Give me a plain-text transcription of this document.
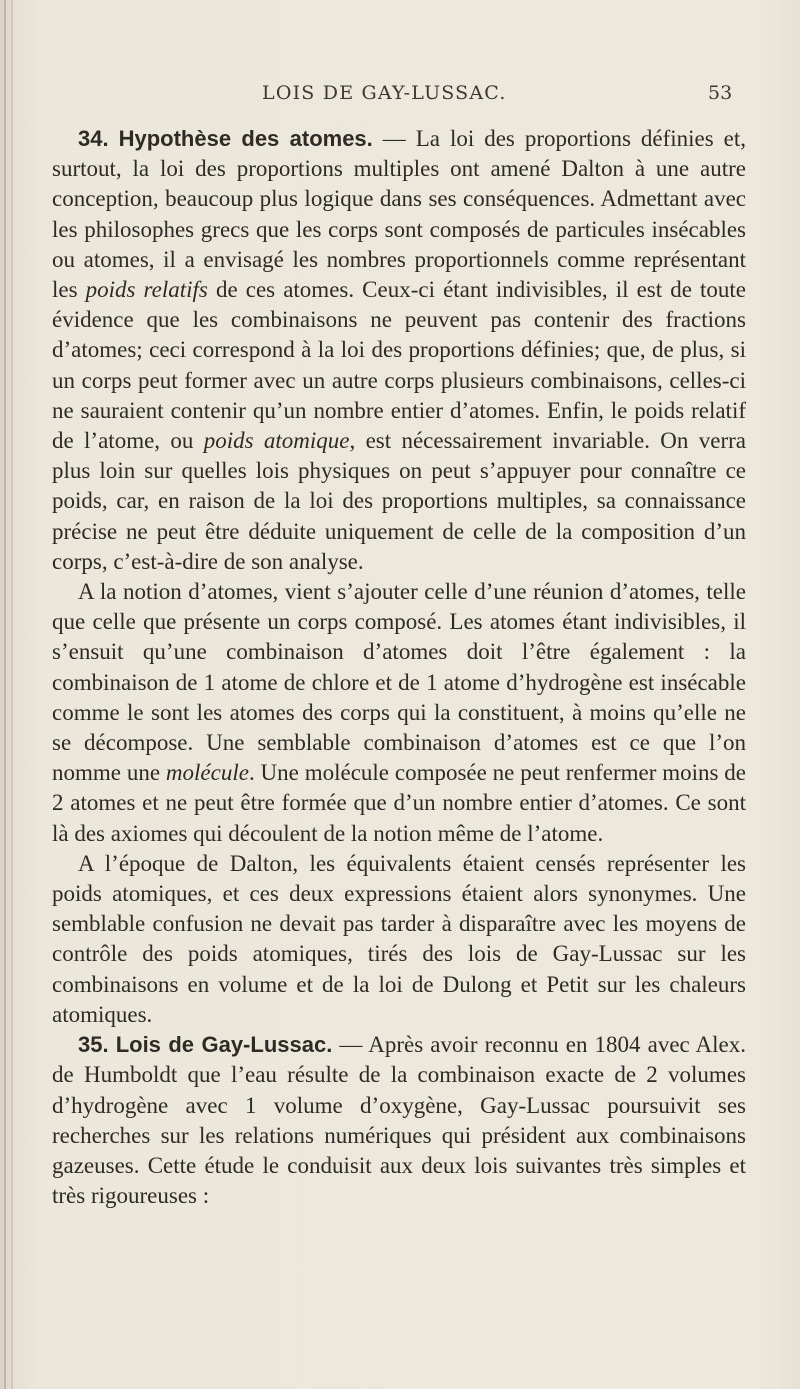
LOIS DE GAY-LUSSAC.	53

34. Hypothèse des atomes. — La loi des proportions définies et, surtout, la loi des proportions multiples ont amené Dalton à une autre conception, beaucoup plus logique dans ses conséquences. Admettant avec les philosophes grecs que les corps sont composés de particules insécables ou atomes, il a envisagé les nombres proportionnels comme représentant les poids relatifs de ces atomes. Ceux-ci étant indivisibles, il est de toute évidence que les combinaisons ne peuvent pas contenir des fractions d’atomes; ceci correspond à la loi des proportions définies; que, de plus, si un corps peut former avec un autre corps plusieurs combinaisons, celles-ci ne sauraient contenir qu’un nombre entier d’atomes. Enfin, le poids relatif de l’atome, ou poids atomique, est nécessairement invariable. On verra plus loin sur quelles lois physiques on peut s’appuyer pour connaître ce poids, car, en raison de la loi des proportions multiples, sa connaissance précise ne peut être déduite uniquement de celle de la composition d’un corps, c’est-à-dire de son analyse.

A la notion d’atomes, vient s’ajouter celle d’une réunion d’atomes, telle que celle que présente un corps composé. Les atomes étant indivisibles, il s’ensuit qu’une combinaison d’atomes doit l’être également : la combinaison de 1 atome de chlore et de 1 atome d’hydrogène est insécable comme le sont les atomes des corps qui la constituent, à moins qu’elle ne se décompose. Une semblable combinaison d’atomes est ce que l’on nomme une molécule. Une molécule composée ne peut renfermer moins de 2 atomes et ne peut être formée que d’un nombre entier d’atomes. Ce sont là des axiomes qui découlent de la notion même de l’atome.

A l’époque de Dalton, les équivalents étaient censés représenter les poids atomiques, et ces deux expressions étaient alors synonymes. Une semblable confusion ne devait pas tarder à disparaître avec les moyens de contrôle des poids atomiques, tirés des lois de Gay-Lussac sur les combinaisons en volume et de la loi de Dulong et Petit sur les chaleurs atomiques.

35. Lois de Gay-Lussac. — Après avoir reconnu en 1804 avec Alex. de Humboldt que l’eau résulte de la combinaison exacte de 2 volumes d’hydrogène avec 1 volume d’oxygène, Gay-Lussac poursuivit ses recherches sur les relations numériques qui président aux combinaisons gazeuses. Cette étude le conduisit aux deux lois suivantes très simples et très rigoureuses :
